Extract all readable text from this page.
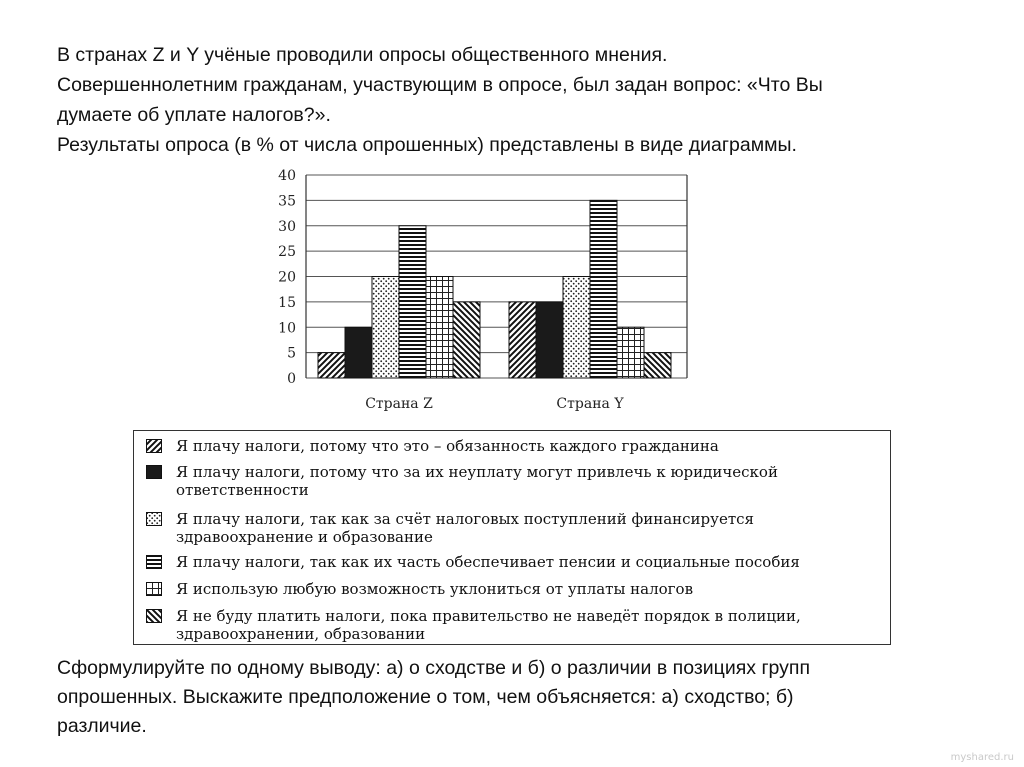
В странах Z и Y учёные проводили опросы общественного мнения.
Совершеннолетним гражданам, участвующим в опросе, был задан вопрос: «Что Вы
думаете об уплате налогов?».
Результаты опроса (в % от числа опрошенных) представлены в виде диаграммы.
0
5
10
15
20
25
30
35
40
Страна Z	Страна Y
Я плачу налоги, потому что это – обязанность каждого гражданина
Я плачу налоги, потому что за их неуплату могут привлечь к юридической ответственности
Я плачу налоги, так как за счёт налоговых поступлений финансируется здравоохранение и образование
Я плачу налоги, так как их часть обеспечивает пенсии и социальные пособия
Я использую любую возможность уклониться от уплаты налогов
Я не буду платить налоги, пока правительство не наведёт порядок в полиции, здравоохранении, образовании
Сформулируйте по одному выводу: а) о сходстве и б) о различии в позициях групп
опрошенных. Выскажите предположение о том, чем объясняется: а) сходство; б)
различие.
myshared.ru
